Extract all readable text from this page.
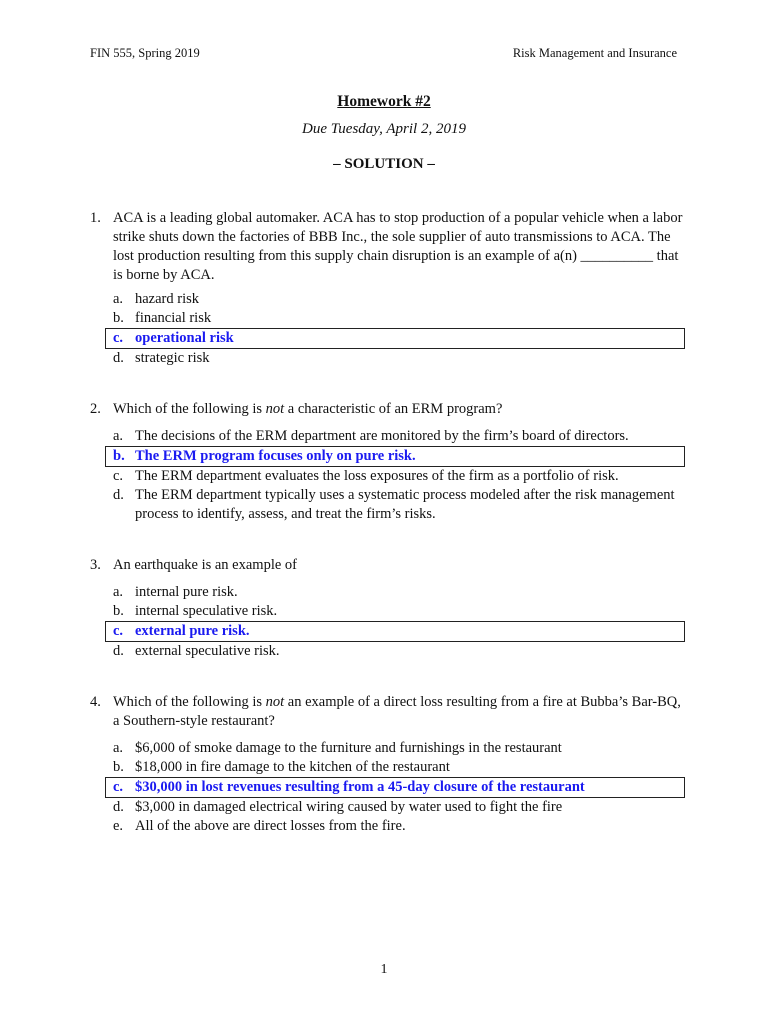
FIN 555, Spring 2019	Risk Management and Insurance
Homework #2
Due Tuesday, April 2, 2019
– SOLUTION –
1. ACA is a leading global automaker. ACA has to stop production of a popular vehicle when a labor strike shuts down the factories of BBB Inc., the sole supplier of auto transmissions to ACA. The lost production resulting from this supply chain disruption is an example of a(n) __________ that is borne by ACA.
a. hazard risk
b. financial risk
c. operational risk
d. strategic risk
2. Which of the following is not a characteristic of an ERM program?
a. The decisions of the ERM department are monitored by the firm’s board of directors.
b. The ERM program focuses only on pure risk.
c. The ERM department evaluates the loss exposures of the firm as a portfolio of risk.
d. The ERM department typically uses a systematic process modeled after the risk management process to identify, assess, and treat the firm’s risks.
3. An earthquake is an example of
a. internal pure risk.
b. internal speculative risk.
c. external pure risk.
d. external speculative risk.
4. Which of the following is not an example of a direct loss resulting from a fire at Bubba’s Bar-BQ, a Southern-style restaurant?
a. $6,000 of smoke damage to the furniture and furnishings in the restaurant
b. $18,000 in fire damage to the kitchen of the restaurant
c. $30,000 in lost revenues resulting from a 45-day closure of the restaurant
d. $3,000 in damaged electrical wiring caused by water used to fight the fire
e. All of the above are direct losses from the fire.
1
